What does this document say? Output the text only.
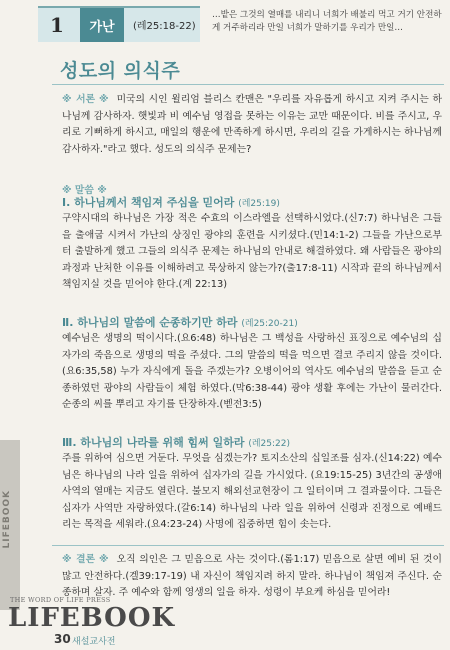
1	가난	(레25:18-22)
…밭은 그것의 열매를 내리니 너희가 배불리 먹고 거기 안전하게 거주하리라 만일 너희가 말하기를 우리가 만일…
성도의 의식주
※ 서론 ※ 미국의 시인 윌리엄 블리스 칸맨은 "우리를 자유롭게 하시고 지켜 주시는 하나님께 감사하자. 햇빛과 비 예수님 영접을 못하는 이유는 교만 때문이다. 비를 주시고, 우리로 기뻐하게 하시고, 매일의 행운에 만족하게 하시면, 우리의 길을 가게하시는 하나님께 감사하자."라고 했다. 성도의 의식주 문제는?
※ 말씀 ※
Ⅰ. 하나님께서 책임져 주심을 믿어라 (레25:19)
구약시대의 하나님은 가장 적은 수효의 이스라엘을 선택하시었다.(신7:7) 하나님은 그들을 출애굽 시켜서 가난의 상징인 광야의 훈련을 시키셨다.(민14:1-2) 그들을 가난으로부터 출발하게 했고 그들의 의식주 문제는 하나님의 안내로 해결하였다. 왜 사람들은 광야의 과정과 난처한 이유를 이해하려고 묵상하지 않는가?(출17:8-11) 시작과 끝의 하나님께서 책임지실 것을 믿어야 한다.(계 22:13)
Ⅱ. 하나님의 말씀에 순종하기만 하라 (레25:20-21)
예수님은 생명의 떡이시다.(요6:48) 하나님은 그 백성을 사랑하신 표징으로 예수님의 십자가의 죽음으로 생명의 떡을 주셨다. 그의 말씀의 떡을 먹으면 결코 주리지 않을 것이다.(요6:35,58) 누가 자식에게 돌을 주겠는가? 오병이어의 역사도 예수님의 말씀을 듣고 순종하였던 광야의 사람들이 체험 하였다.(막6:38-44) 광야 생활 후에는 가난이 물러간다. 순종의 씨를 뿌리고 자기를 단장하자.(벧전3:5)
Ⅲ. 하나님의 나라를 위해 힘써 일하라 (레25:22)
주를 위하여 심으면 거둔다. 무엇을 심겠는가? 토지소산의 십일조를 심자.(신14:22) 예수님은 하나님의 나라 일을 위하여 십자가의 길을 가시었다. (요19:15-25) 3년간의 공생애 사역의 열매는 지금도 열린다. 불모지 해외선교현장이 그 일터이며 그 결과물이다. 그들은 십자가 사역만 자랑하였다.(갈6:14) 하나님의 나라 일을 위하여 신령과 진정으로 예배드리는 목적을 세워라.(요4:23-24) 사명에 집중하면 힘이 솟는다.
※ 결론 ※ 오직 의인은 그 믿음으로 사는 것이다.(롬1:17) 믿음으로 살면 예비 된 것이 많고 안전하다.(겔39:17-19) 내 자신이 책임지려 하지 말라. 하나님이 책임져 주신다. 순종하며 살자. 주 예수와 함께 영생의 일을 하자. 성령이 부요케 하심을 믿어라!
LIFEBOOK
THE WORD OF LIFE PRESS
LIFEBOOK
30 새설교사전
